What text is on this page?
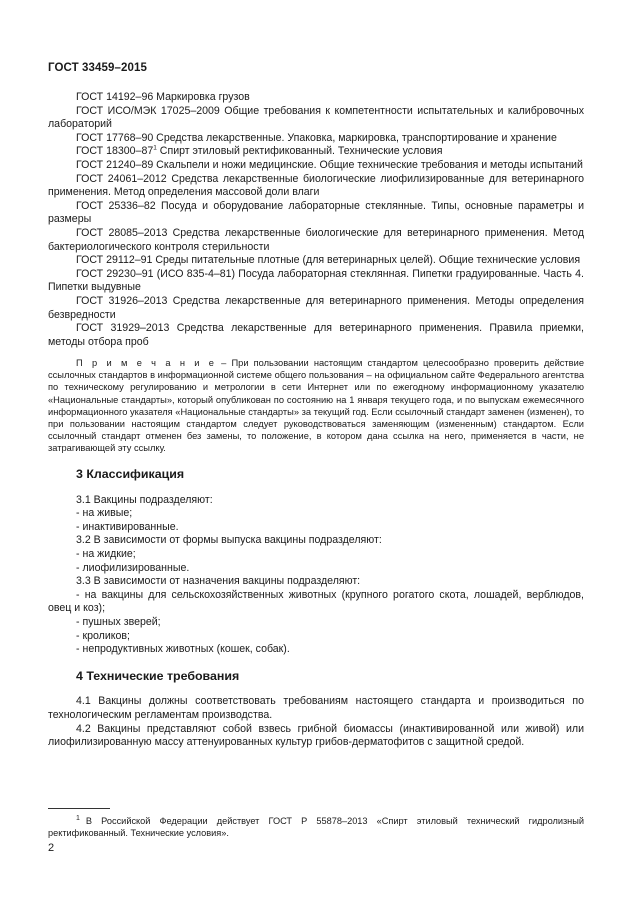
ГОСТ 33459–2015

ГОСТ 14192–96 Маркировка грузов

ГОСТ ИСО/МЭК 17025–2009 Общие требования к компетентности испытательных и калибровочных лабораторий

ГОСТ 17768–90 Средства лекарственные. Упаковка, маркировка, транспортирование и хранение

ГОСТ 18300–87$^1$ Спирт этиловый ректификованный. Технические условия

ГОСТ 21240–89 Скальпели и ножи медицинские. Общие технические требования и методы испытаний

ГОСТ 24061–2012 Средства лекарственные биологические лиофилизированные для ветеринарного применения. Метод определения массовой доли влаги

ГОСТ 25336–82 Посуда и оборудование лабораторные стеклянные. Типы, основные параметры и размеры

ГОСТ 28085–2013 Средства лекарственные биологические для ветеринарного применения. Метод бактериологического контроля стерильности

ГОСТ 29112–91 Среды питательные плотные (для ветеринарных целей). Общие технические условия

ГОСТ 29230–91 (ИСО 835-4–81) Посуда лабораторная стеклянная. Пипетки градуированные. Часть 4. Пипетки выдувные

ГОСТ 31926–2013 Средства лекарственные для ветеринарного применения. Методы определения безвредности

ГОСТ 31929–2013 Средства лекарственные для ветеринарного применения. Правила приемки, методы отбора проб

П р и м е ч а н и е – При пользовании настоящим стандартом целесообразно проверить действие ссылочных стандартов в информационной системе общего пользования – на официальном сайте Федерального агентства по техническому регулированию и метрологии в сети Интернет или по ежегодному информационному указателю «Национальные стандарты», который опубликован по состоянию на 1 января текущего года, и по выпускам ежемесячного информационного указателя «Национальные стандарты» за текущий год. Если ссылочный стандарт заменен (изменен), то при пользовании настоящим стандартом следует руководствоваться заменяющим (измененным) стандартом. Если ссылочный стандарт отменен без замены, то положение, в котором дана ссылка на него, применяется в части, не затрагивающей эту ссылку.

3 Классификация

3.1 Вакцины подразделяют:

- на живые;

- инактивированные.

3.2 В зависимости от формы выпуска вакцины подразделяют:

- на жидкие;

- лиофилизированные.

3.3 В зависимости от назначения вакцины подразделяют:

- на вакцины для сельскохозяйственных животных (крупного рогатого скота, лошадей, верблюдов, овец и коз);

- пушных зверей;

- кроликов;

- непродуктивных животных (кошек, собак).

4 Технические требования

4.1 Вакцины должны соответствовать требованиям настоящего стандарта и производиться по технологическим регламентам производства.

4.2 Вакцины представляют собой взвесь грибной биомассы (инактивированной или живой) или лиофилизированную массу аттенуированных культур грибов-дерматофитов с защитной средой.

$^1$ В Российской Федерации действует ГОСТ Р 55878–2013 «Спирт этиловый технический гидролизный ректификованный. Технические условия».
2
